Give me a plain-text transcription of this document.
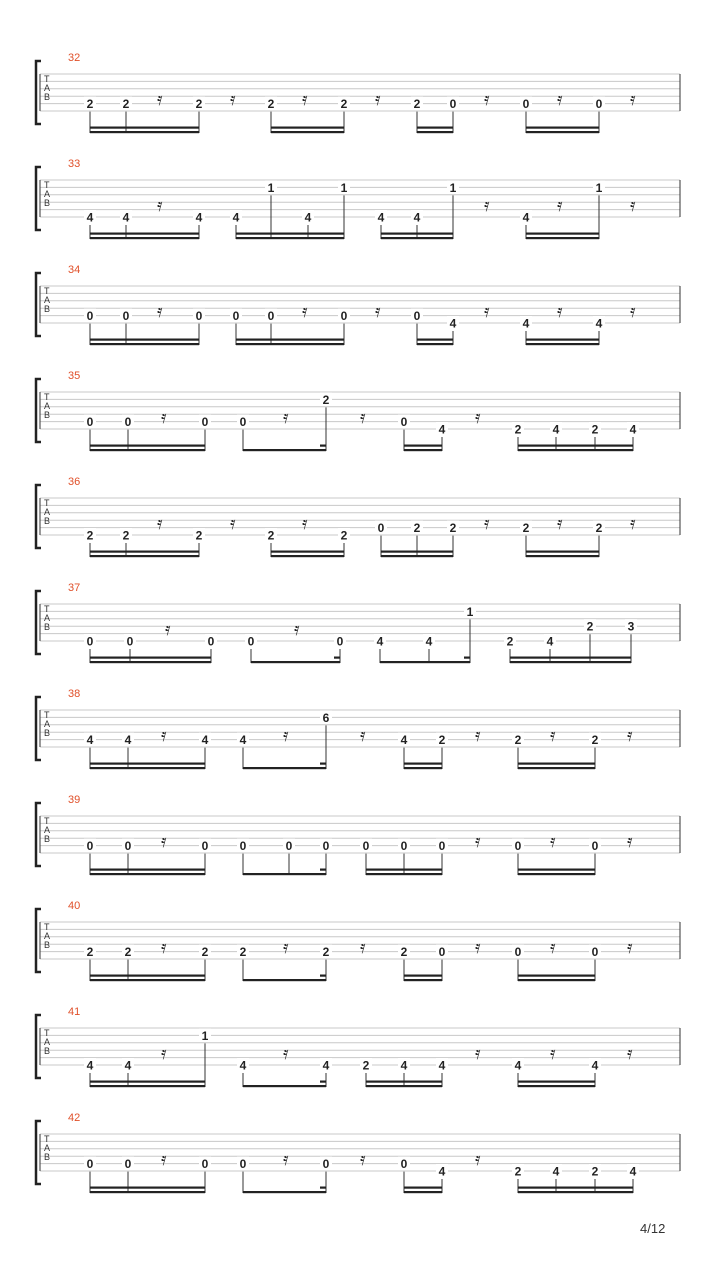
32
T
A
B
2 2 𝄿	2 𝄿	2 𝄿	2 𝄿	2 0 𝄿	0 𝄿	0 𝄿
33
T
A
B
4 4
𝄿
4	4
1
4
1
4 4
1
𝄿
4
𝄿
1
𝄿
34
T
A
B
0 0 𝄿	0	0 0 𝄿	0 𝄿	0
4
𝄿
4
𝄿
4
𝄿
35
T
A
B
0	0 𝄿	0	0 𝄿
2
𝄿	0
4
𝄿
2	4	2	4
36
T
A
B
2 2
𝄿
2
𝄿
2
𝄿
2
0 2 2 𝄿	2 𝄿	2 𝄿
37
T
A
B
0	0
𝄿
0	0
𝄿
0	4	4
1
2	4
2	3
38
T
A
B
4	4 𝄿	4	4 𝄿
6
𝄿	4	2 𝄿	2 𝄿	2 𝄿
39
T
A
B
0	0 𝄿	0	0	0	0	0	0	0 𝄿	0 𝄿	0 𝄿
40
T
A
B
2	2 𝄿	2	2 𝄿	2 𝄿	2	0 𝄿	0 𝄿	0 𝄿
41
T
A
B
4	4
𝄿
1
4
𝄿
4	2	4	4
𝄿
4
𝄿
4
𝄿
42
T
A
B
0	0 𝄿	0	0 𝄿	0 𝄿	0
4
𝄿
2	4	2	4
4/12
